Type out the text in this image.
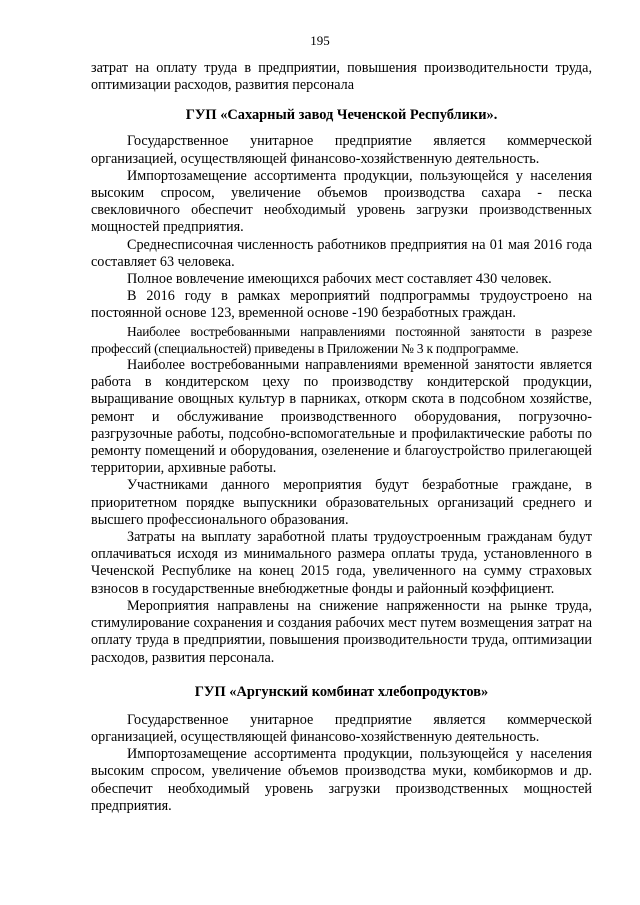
195

затрат на оплату труда в предприятии, повышения производительности труда, оптимизации расходов, развития персонала

ГУП «Сахарный завод Чеченской Республики».

Государственное унитарное предприятие является коммерческой организацией, осуществляющей финансово-хозяйственную деятельность.

Импортозамещение ассортимента продукции, пользующейся у населения высоким спросом, увеличение объемов производства сахара - песка свекловичного обеспечит необходимый уровень загрузки производственных мощностей предприятия.

Среднесписочная численность работников предприятия на 01 мая 2016 года составляет 63 человека.

Полное вовлечение имеющихся рабочих мест составляет 430 человек.

В 2016 году в рамках мероприятий подпрограммы трудоустроено на постоянной основе 123, временной основе -190 безработных граждан.

Наиболее востребованными направлениями постоянной занятости в разрезе профессий (специальностей) приведены в Приложении № 3 к подпрограмме.

Наиболее востребованными направлениями временной занятости является работа в кондитерском цеху по производству кондитерской продукции, выращивание овощных культур в парниках, откорм скота в подсобном хозяйстве, ремонт и обслуживание производственного оборудования, погрузочно-разгрузочные работы, подсобно-вспомогательные и профилактические работы по ремонту помещений и оборудования, озеленение и благоустройство прилегающей территории, архивные работы.

Участниками данного мероприятия будут безработные граждане, в приоритетном порядке выпускники образовательных организаций среднего и высшего профессионального образования.

Затраты на выплату заработной платы трудоустроенным гражданам будут оплачиваться исходя из минимального размера оплаты труда, установленного в Чеченской Республике на конец 2015 года, увеличенного на сумму страховых взносов в государственные внебюджетные фонды и районный коэффициент.

Мероприятия направлены на снижение напряженности на рынке труда, стимулирование сохранения и создания рабочих мест путем возмещения затрат на оплату труда в предприятии, повышения производительности труда, оптимизации расходов, развития персонала.

ГУП «Аргунский комбинат хлебопродуктов»

Государственное унитарное предприятие является коммерческой организацией, осуществляющей финансово-хозяйственную деятельность.

Импортозамещение ассортимента продукции, пользующейся у населения высоким спросом, увеличение объемов производства муки, комбикормов и др. обеспечит необходимый уровень загрузки производственных мощностей предприятия.
